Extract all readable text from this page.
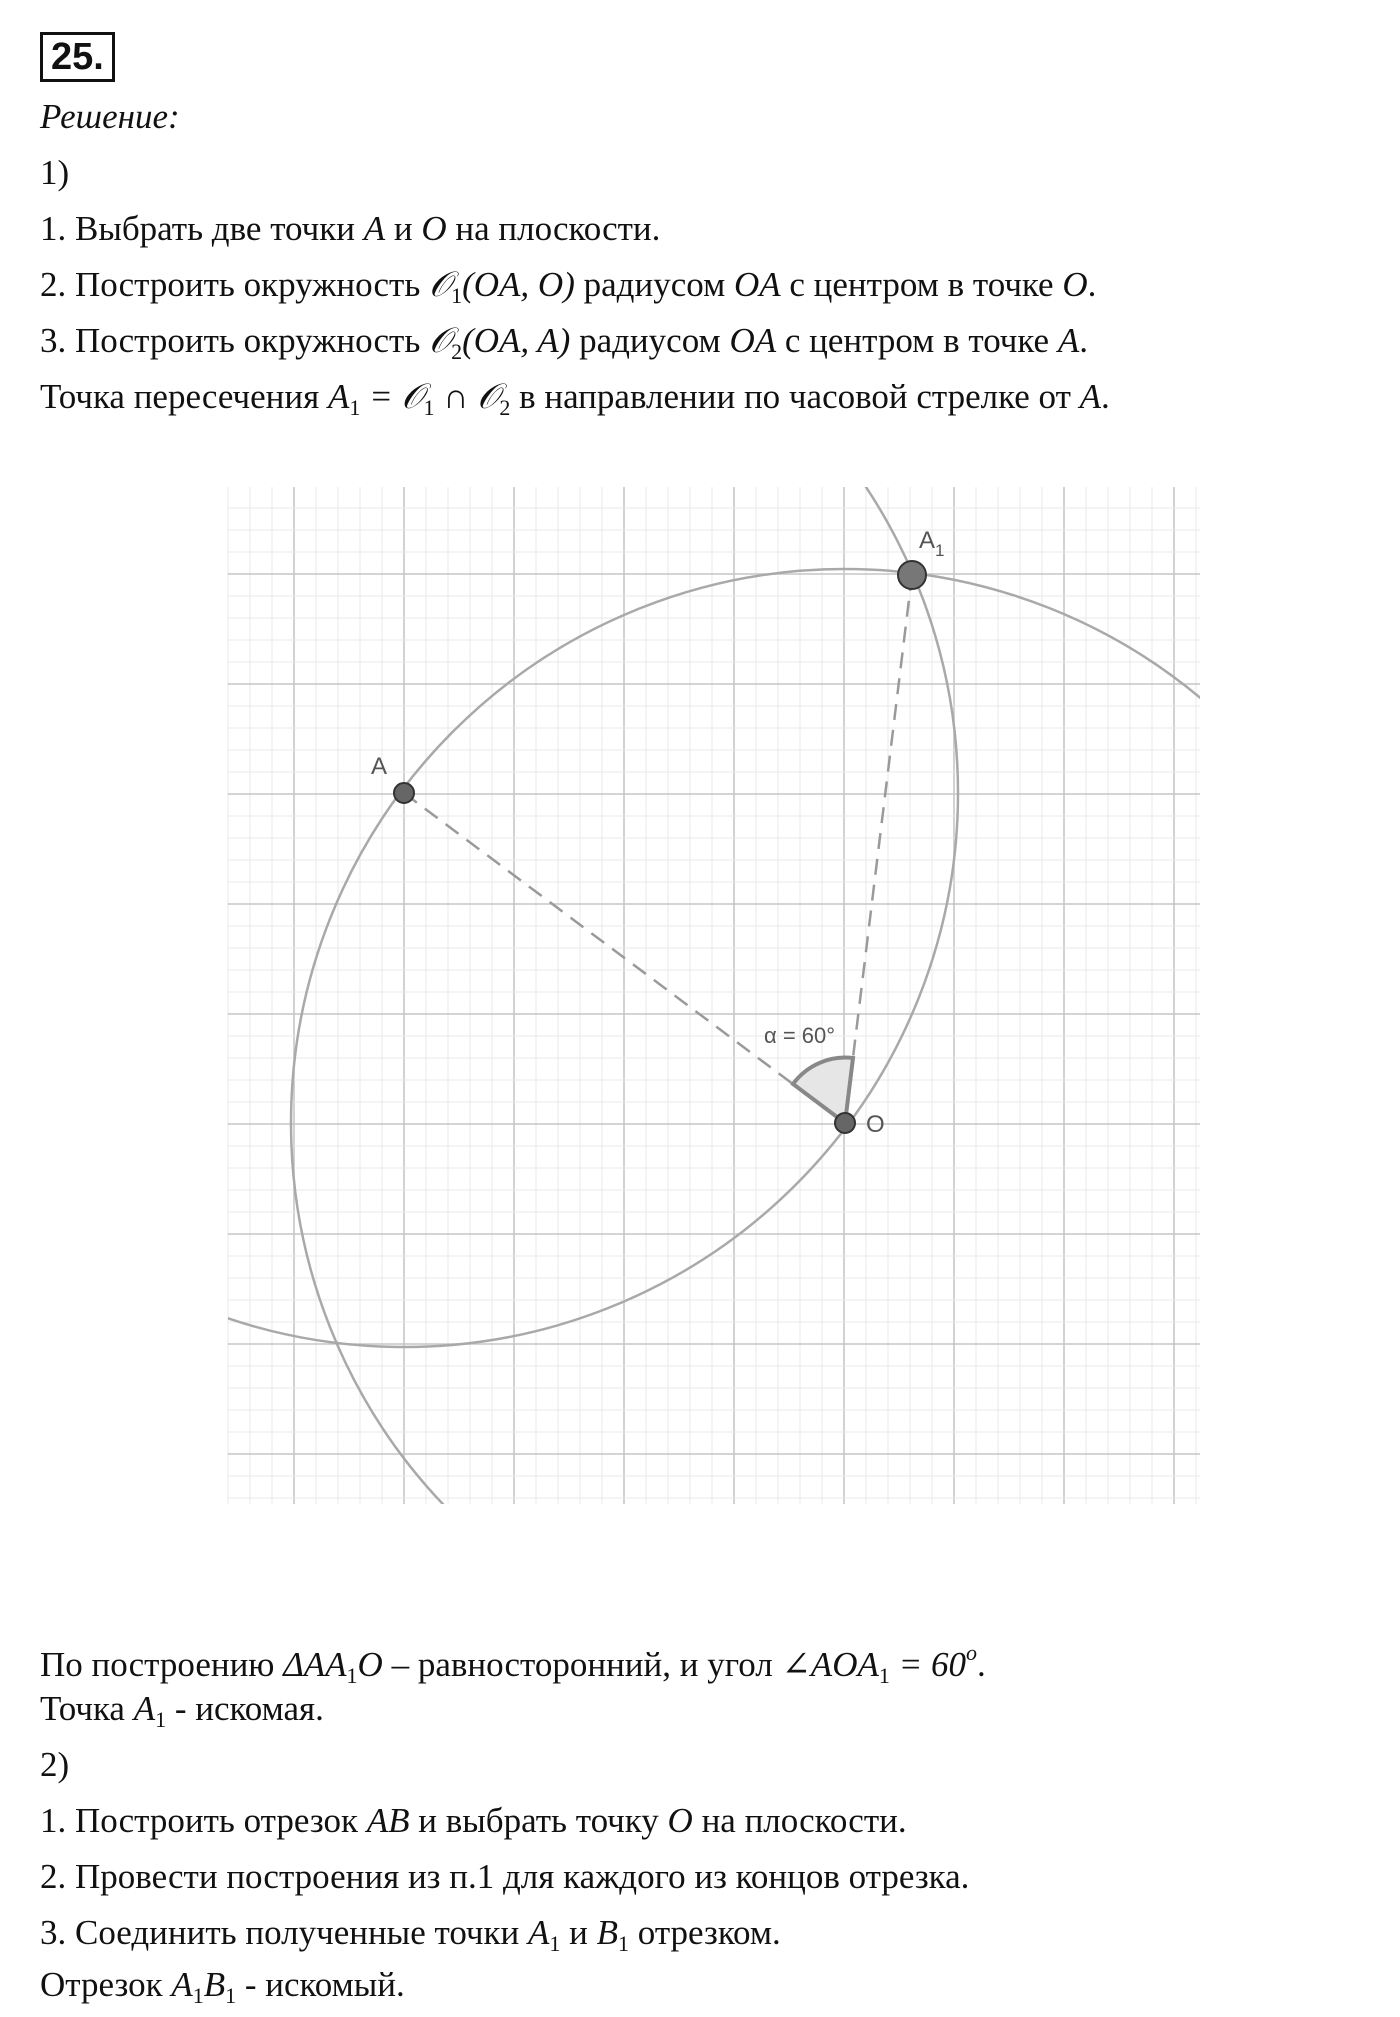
25.
Решение:
1)
1. Выбрать две точки A и O на плоскости.
2. Построить окружность 𝒪$_1$(OA, O) радиусом OA с центром в точке O.
3. Построить окружность 𝒪$_2$(OA, A) радиусом OA с центром в точке A.
Точка пересечения $A_1$ = 𝒪$_1$ ∩ 𝒪$_2$ в направлении по часовой стрелке от A.
A
$A_1$
O
α = 60°
По построению $\Delta AA_1O$ – равносторонний, и угол $\angle AOA_1 = 60^o$.
Точка $A_1$ - искомая.
2)
1. Построить отрезок AB и выбрать точку O на плоскости.
2. Провести построения из п.1 для каждого из концов отрезка.
3. Соединить полученные точки $A_1$ и $B_1$ отрезком.
Отрезок $A_1B_1$ - искомый.
